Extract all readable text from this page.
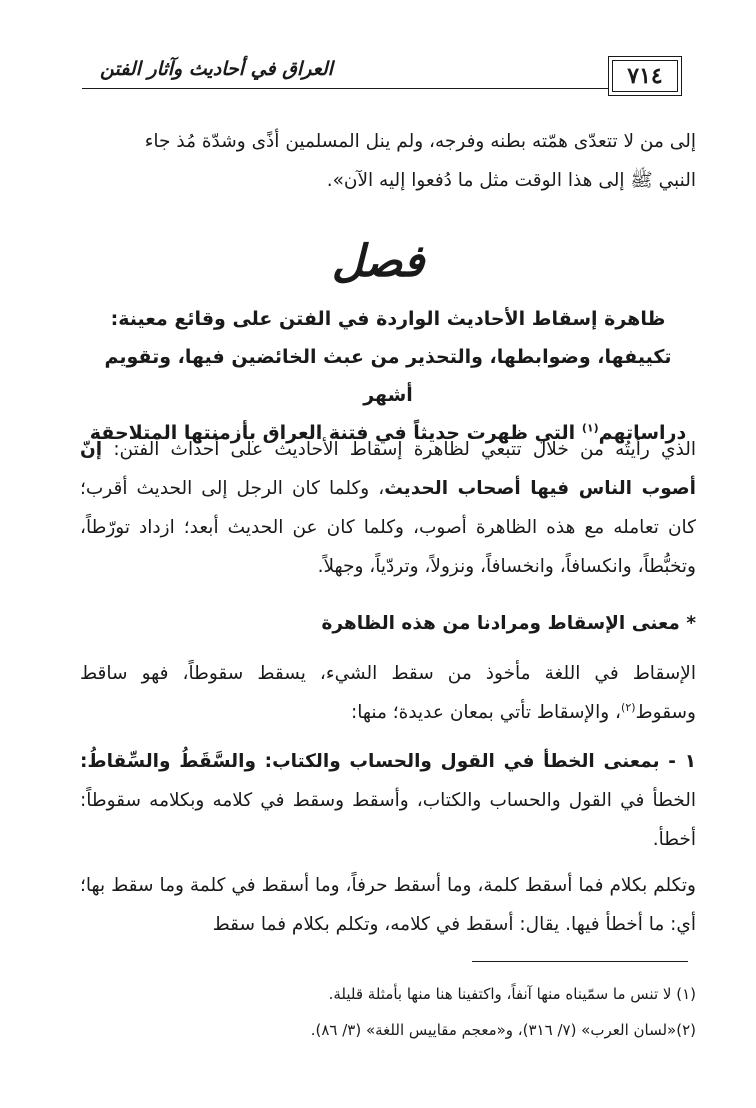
العراق في أحاديث وآثار الفتن	٧١٤
إلى من لا تتعدّى همّته بطنه وفرجه، ولم ينل المسلمين أذًى وشدّة مُذ جاء
النبي ﷺ إلى هذا الوقت مثل ما دُفعوا إليه الآن».
فصل
ظاهرة إسقاط الأحاديث الواردة في الفتن على وقائع معينة:
تكييفها، وضوابطها، والتحذير من عبث الخائضين فيها، وتقويم أشهر
دراساتهم$^{(١)}$ التي ظهرت حديثاً في فتنة العراق بأزمنتها المتلاحقة
الذي رأيتُه من خلال تتبعي لظاهرة إسقاط الأحاديث على أحداث الفتن: إنّ أصوب الناس فيها أصحاب الحديث، وكلما كان الرجل إلى الحديث أقرب؛ كان تعامله مع هذه الظاهرة أصوب، وكلما كان عن الحديث أبعد؛ ازداد تورّطاً، وتخبُّطاً، وانكسافاً، وانخسافاً، ونزولاً، وتردّياً، وجهلاً.
* معنى الإسقاط ومرادنا من هذه الظاهرة
الإسقاط في اللغة مأخوذ من سقط الشيء، يسقط سقوطاً، فهو ساقط وسقوط$^{(٢)}$، والإسقاط تأتي بمعان عديدة؛ منها:
١ - بمعنى الخطأ في القول والحساب والكتاب: والسَّقَطُ والسِّقاطُ: الخطأ في القول والحساب والكتاب، وأسقط وسقط في كلامه وبكلامه سقوطاً: أخطأ.
وتكلم بكلام فما أسقط كلمة، وما أسقط حرفاً، وما أسقط في كلمة وما سقط بها؛ أي: ما أخطأ فيها. يقال: أسقط في كلامه، وتكلم بكلام فما سقط
(١) لا تنس ما سمّيناه منها آنفاً، واكتفينا هنا منها بأمثلة قليلة.
(٢)«لسان العرب» (٧/ ٣١٦)، و«معجم مقاييس اللغة» (٣/ ٨٦).
